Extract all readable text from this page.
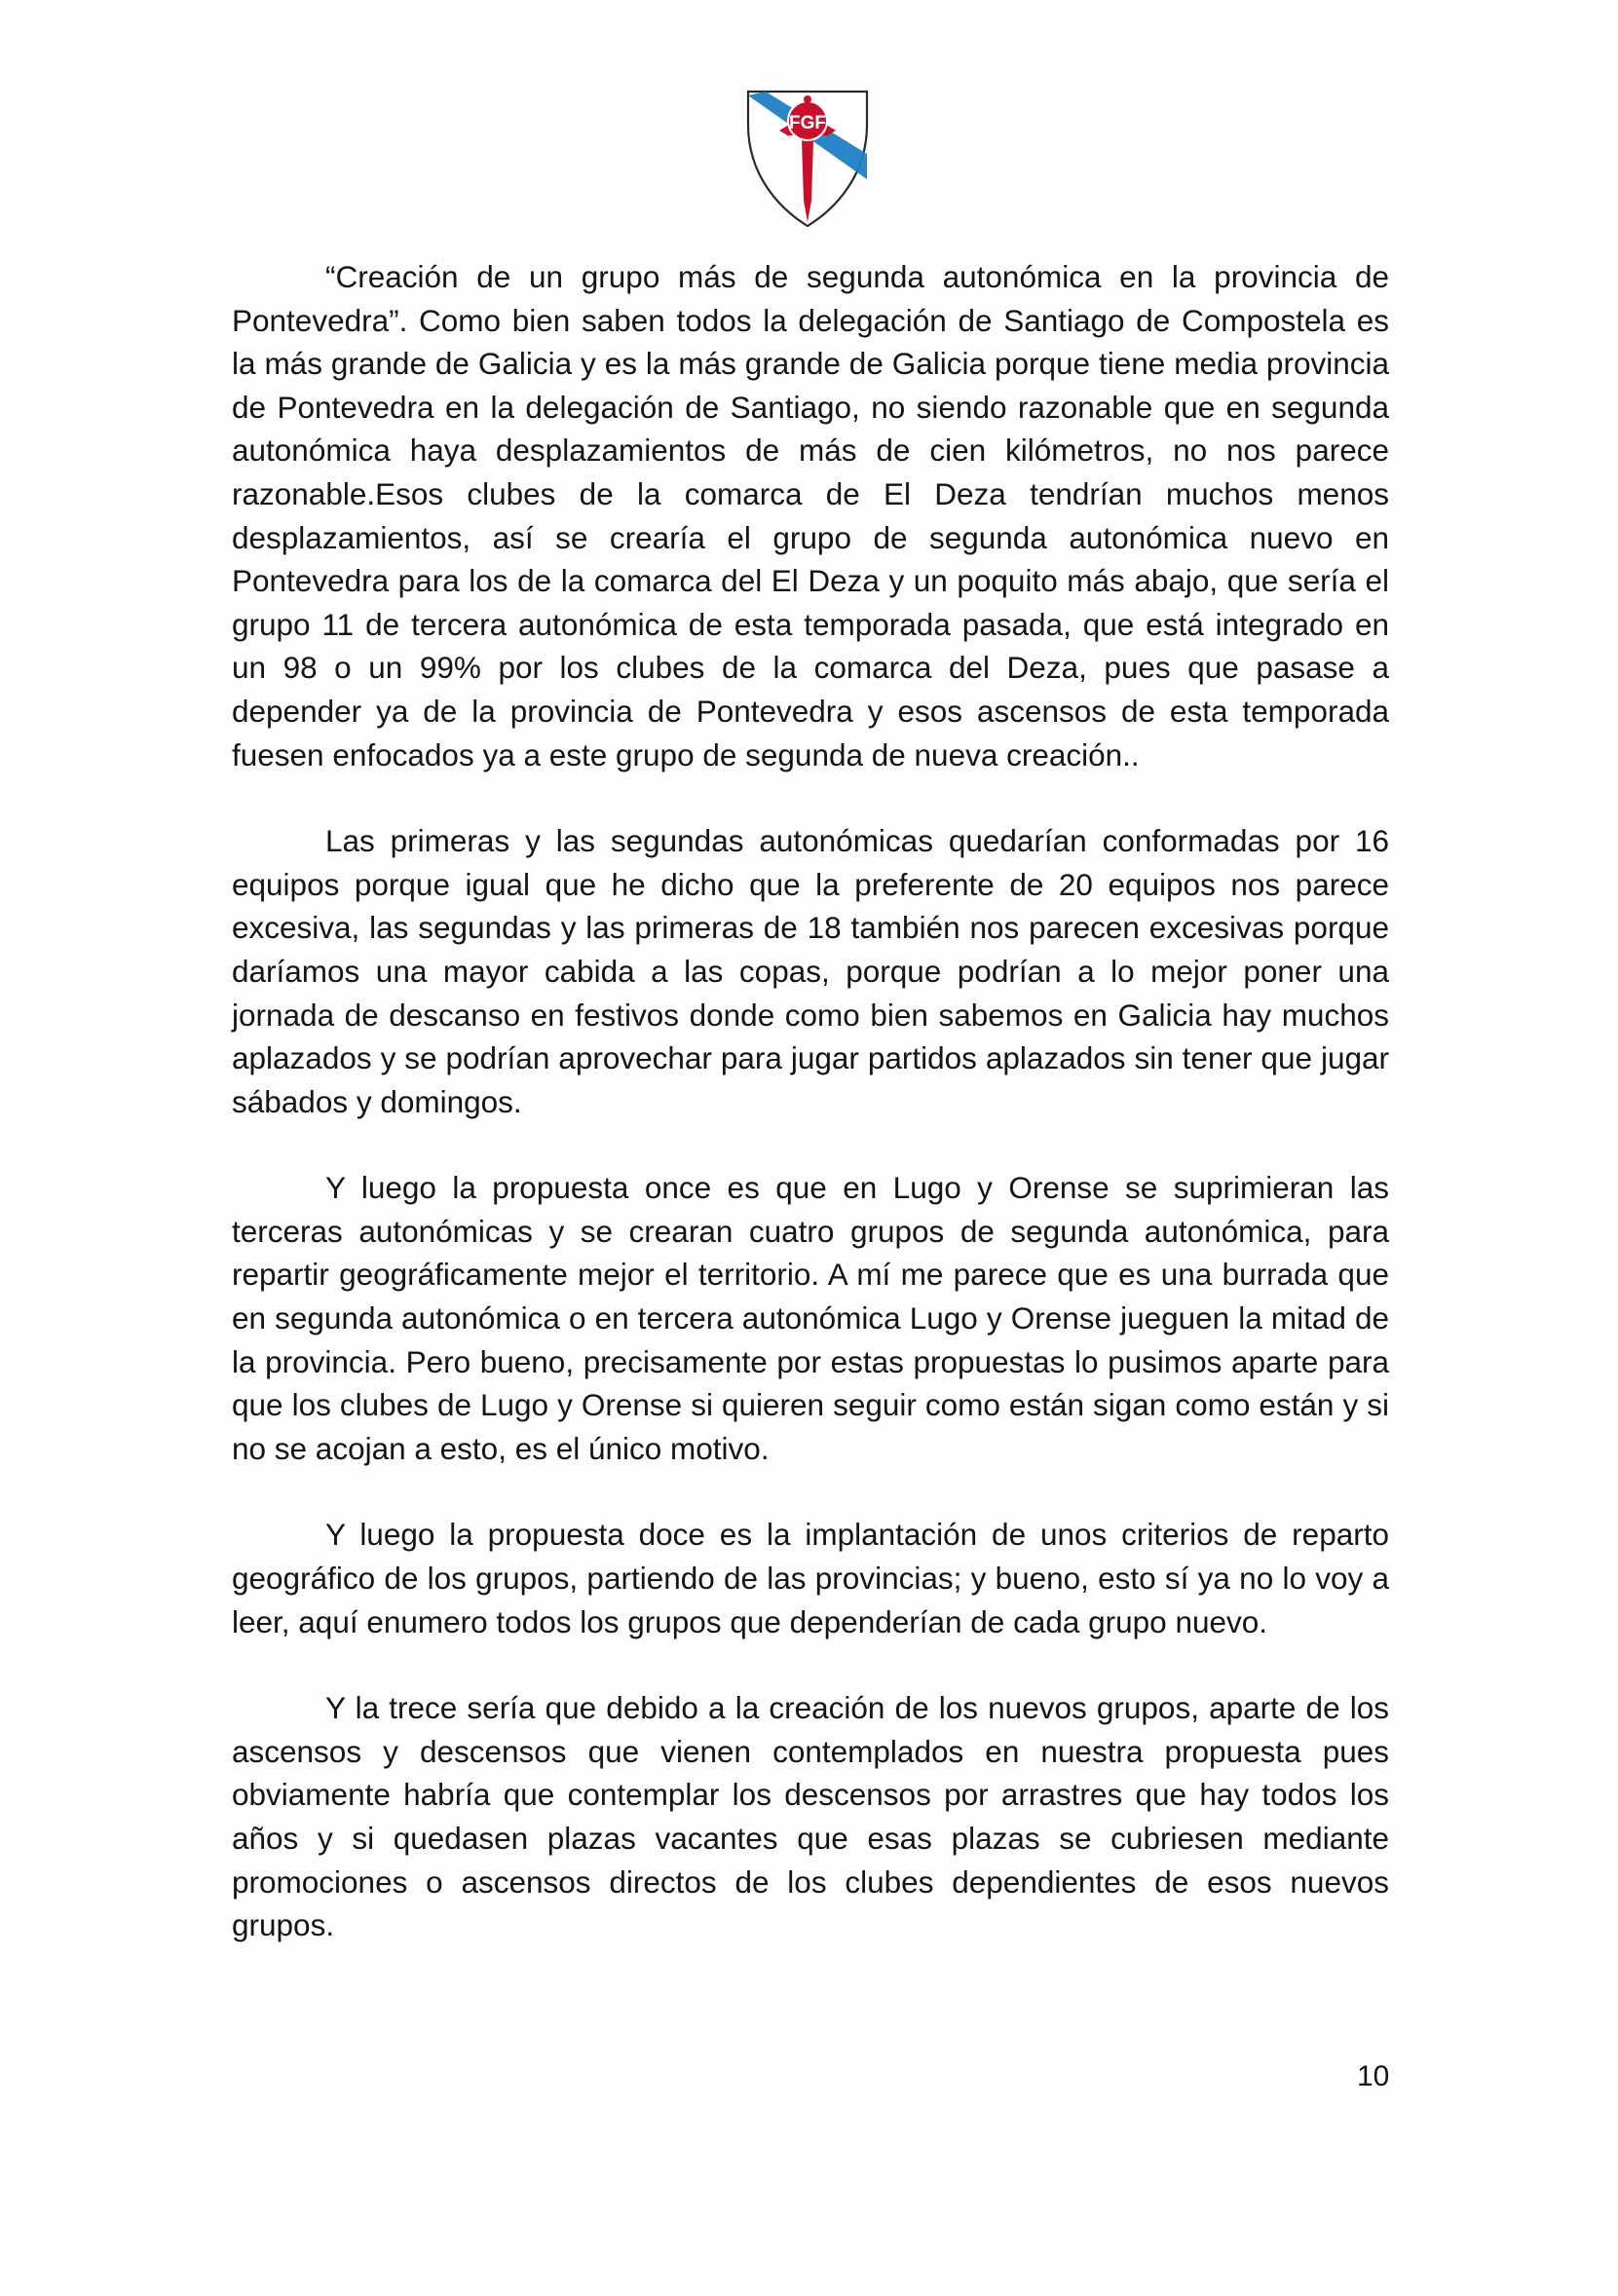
FGF

“Creación de un grupo más de segunda autonómica en la provincia de Pontevedra”. Como bien saben todos la delegación de Santiago de Compostela es la más grande de Galicia y es la más grande de Galicia porque tiene media provincia de Pontevedra en la delegación de Santiago, no siendo razonable que en segunda autonómica haya desplazamientos de más de cien kilómetros, no nos parece razonable.Esos clubes de la comarca de El Deza tendrían muchos menos desplazamientos, así se crearía el grupo de segunda autonómica nuevo en Pontevedra para los de la comarca del El Deza y un poquito más abajo, que sería el grupo 11 de tercera autonómica de esta temporada pasada, que está integrado en un 98 o un 99% por los clubes de la comarca del Deza, pues que pasase a depender ya de la provincia de Pontevedra y esos ascensos de esta temporada fuesen enfocados ya a este grupo de segunda de nueva creación..

Las primeras y las segundas autonómicas quedarían conformadas por 16 equipos porque igual que he dicho que la preferente de 20 equipos nos parece excesiva, las segundas y las primeras de 18 también nos parecen excesivas porque daríamos una mayor cabida a las copas, porque podrían a lo mejor poner una jornada de descanso en festivos donde como bien sabemos en Galicia hay muchos aplazados y se podrían aprovechar para jugar partidos aplazados sin tener que jugar sábados y domingos.

Y luego la propuesta once es que en Lugo y Orense se suprimieran las terceras autonómicas y se crearan cuatro grupos de segunda autonómica, para repartir geográficamente mejor el territorio. A mí me parece que es una burrada que en segunda autonómica o en tercera autonómica Lugo y Orense jueguen la mitad de la provincia. Pero bueno, precisamente por estas propuestas lo pusimos aparte para que los clubes de Lugo y Orense si quieren seguir como están sigan como están y si no se acojan a esto, es el único motivo.

Y luego la propuesta doce es la implantación de unos criterios de reparto geográfico de los grupos, partiendo de las provincias; y bueno, esto sí ya no lo voy a leer, aquí enumero todos los grupos que dependerían de cada grupo nuevo.

Y la trece sería que debido a la creación de los nuevos grupos, aparte de los ascensos y descensos que vienen contemplados en nuestra propuesta pues obviamente habría que contemplar los descensos por arrastres que hay todos los años y si quedasen plazas vacantes que esas plazas se cubriesen mediante promociones o ascensos directos de los clubes dependientes de esos nuevos grupos.

10
